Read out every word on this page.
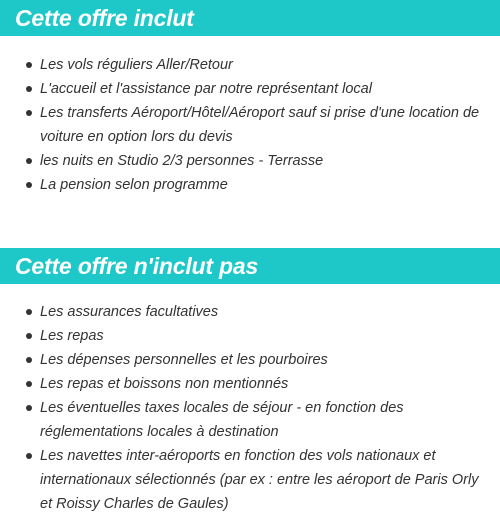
Cette offre inclut
Les vols réguliers Aller/Retour
L'accueil et l'assistance par notre représentant local
Les transferts Aéroport/Hôtel/Aéroport sauf si prise d'une location de voiture en option lors du devis
les nuits en Studio 2/3 personnes - Terrasse
La pension selon programme
Cette offre n'inclut pas
Les assurances facultatives
Les repas
Les dépenses personnelles et les pourboires
Les repas et boissons non mentionnés
Les éventuelles taxes locales de séjour - en fonction des réglementations locales à destination
Les navettes inter-aéroports en fonction des vols nationaux et internationaux sélectionnés (par ex : entre les aéroport de Paris Orly et Roissy Charles de Gaules)
